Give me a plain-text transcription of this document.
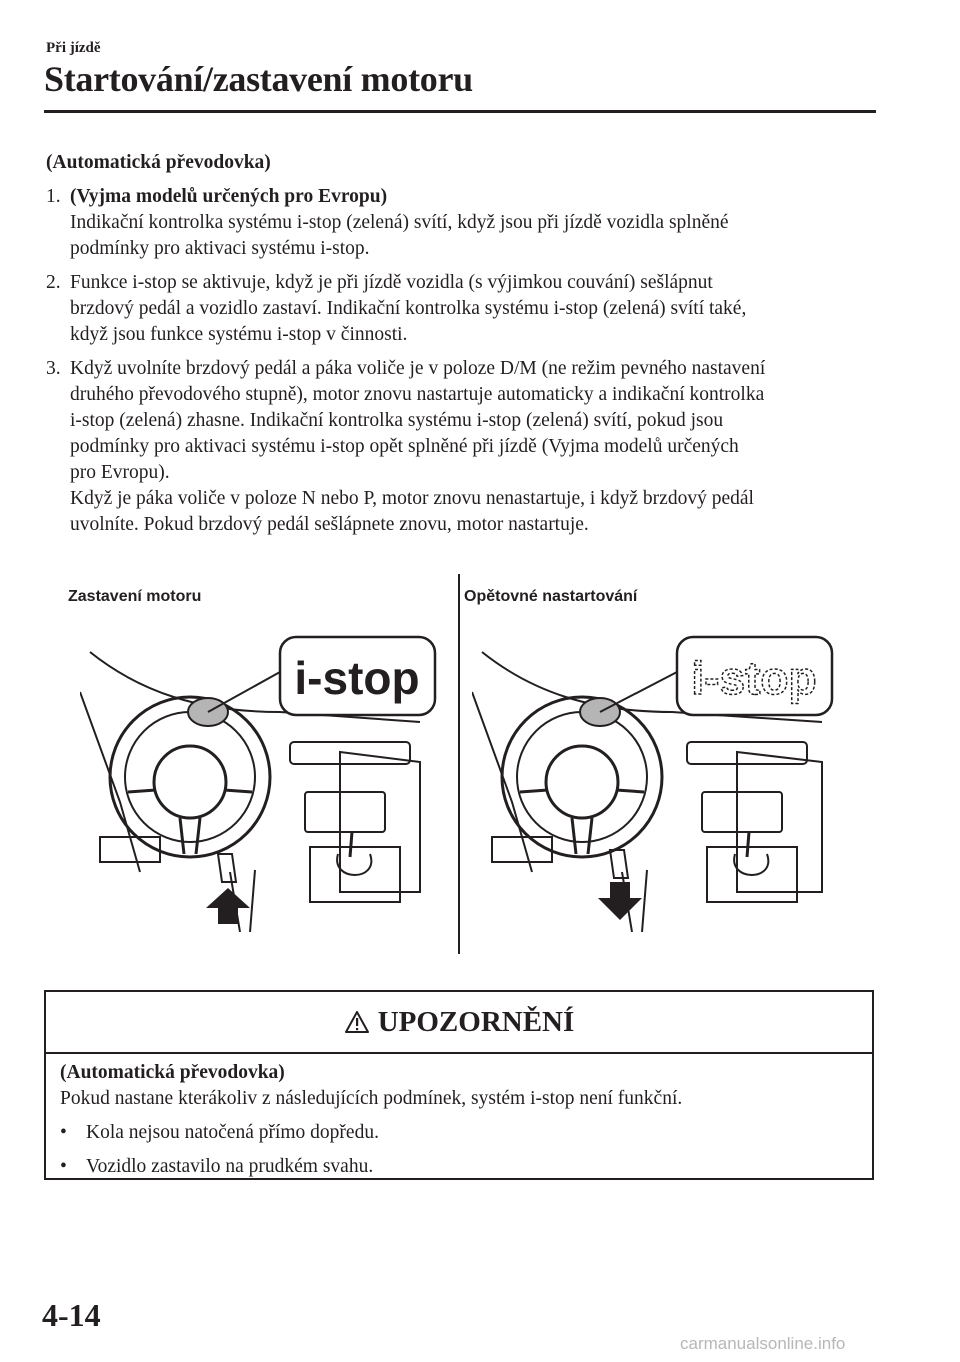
Při jízdě
Startování/zastavení motoru

(Automatická převodovka)

1. (Vyjma modelů určených pro Evropu)
Indikační kontrolka systému i-stop (zelená) svítí, když jsou při jízdě vozidla splněné
podmínky pro aktivaci systému i-stop.
2. Funkce i-stop se aktivuje, když je při jízdě vozidla (s výjimkou couvání) sešlápnut
brzdový pedál a vozidlo zastaví. Indikační kontrolka systému i-stop (zelená) svítí také,
když jsou funkce systému i-stop v činnosti.
3. Když uvolníte brzdový pedál a páka voliče je v poloze D/M (ne režim pevného nastavení
druhého převodového stupně), motor znovu nastartuje automaticky a indikační kontrolka
i-stop (zelená) zhasne. Indikační kontrolka systému i-stop (zelená) svítí, pokud jsou
podmínky pro aktivaci systému i-stop opět splněné při jízdě (Vyjma modelů určených
pro Evropu).
Když je páka voliče v poloze N nebo P, motor znovu nenastartuje, i když brzdový pedál
uvolníte. Pokud brzdový pedál sešlápnete znovu, motor nastartuje.
Zastavení motoru	Opětovné nastartování
i-stop	i-stop
UPOZORNĚNÍ

(Automatická převodovka)

Pokud nastane kterákoliv z následujících podmínek, systém i-stop není funkční.

• Kola nejsou natočená přímo dopředu.
• Vozidlo zastavilo na prudkém svahu.
4-14
carmanualsonline.info
